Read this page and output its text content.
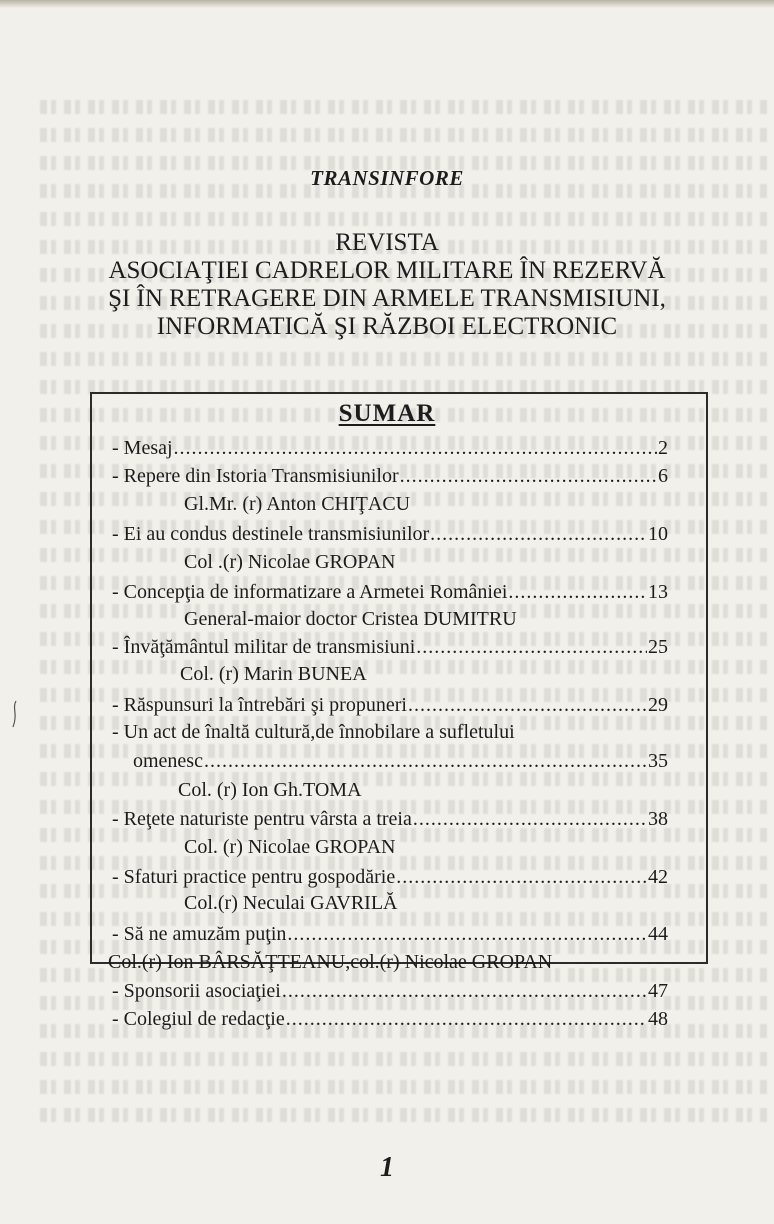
TRANSINFORE
REVISTA
ASOCIAŢIEI CADRELOR MILITARE ÎN REZERVĂ
ŞI ÎN RETRAGERE DIN ARMELE TRANSMISIUNI,
INFORMATICĂ ŞI RĂZBOI ELECTRONIC
SUMAR
- Mesaj .....	2
- Repere din Istoria Transmisiunilor .....	6
Gl.Mr. (r) Anton CHIŢACU
- Ei au condus destinele transmisiunilor .....	10
Col .(r) Nicolae GROPAN
- Concepţia de informatizare a Armetei României .....	13
General-maior doctor Cristea DUMITRU
- Învăţământul militar de transmisiuni .....	25
Col. (r) Marin BUNEA
- Răspunsuri la întrebări şi propuneri .....	29
- Un act de înaltă cultură,de înnobilare a sufletului
omenesc .....	35
Col. (r) Ion Gh.TOMA
- Reţete naturiste pentru vârsta a treia .....	38
Col. (r) Nicolae GROPAN
- Sfaturi practice pentru gospodărie .....	42
Col.(r) Neculai GAVRILĂ
- Să ne amuzăm puţin .....	44
Col.(r) Ion BÂRSĂŢTEANU,col.(r) Nicolae GROPAN
- Sponsorii asociaţiei .....	47
- Colegiul de redacţie .....	48
1
